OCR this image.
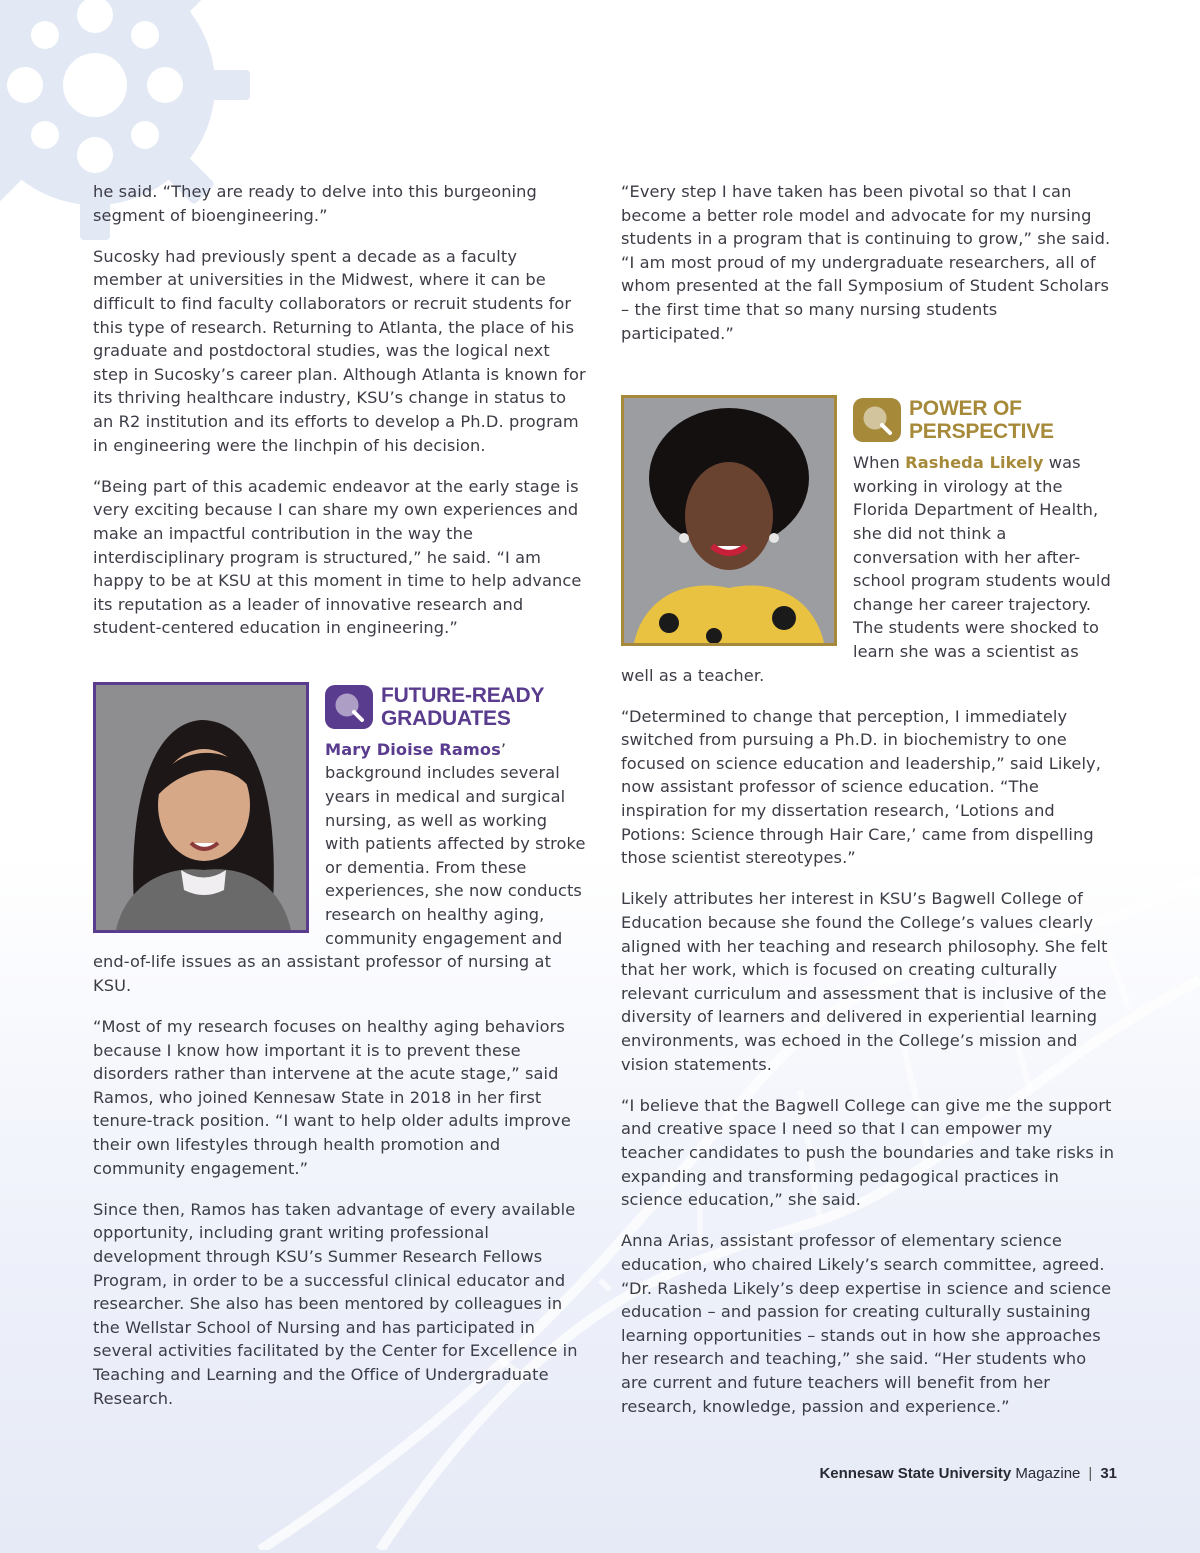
he said. “They are ready to delve into this burgeoning segment of bioengineering.”

Sucosky had previously spent a decade as a faculty member at universities in the Midwest, where it can be difficult to find faculty collaborators or recruit students for this type of research. Returning to Atlanta, the place of his graduate and postdoctoral studies, was the logical next step in Sucosky’s career plan. Although Atlanta is known for its thriving healthcare industry, KSU’s change in status to an R2 institution and its efforts to develop a Ph.D. program in engineering were the linchpin of his decision.

“Being part of this academic endeavor at the early stage is very exciting because I can share my own experiences and make an impactful contribution in the way the interdisciplinary program is structured,” he said. “I am happy to be at KSU at this moment in time to help advance its reputation as a leader of innovative research and student-centered education in engineering.”

FUTURE-READY
GRADUATES

Mary Dioise Ramos’ background includes several years in medical and surgical nursing, as well as working with patients affected by stroke or dementia. From these experiences, she now conducts research on healthy aging, community engagement and end-of-life issues as an assistant professor of nursing at KSU.

“Most of my research focuses on healthy aging behaviors because I know how important it is to prevent these disorders rather than intervene at the acute stage,” said Ramos, who joined Kennesaw State in 2018 in her first tenure-track position. “I want to help older adults improve their own lifestyles through health promotion and community engagement.”

Since then, Ramos has taken advantage of every available opportunity, including grant writing professional development through KSU’s Summer Research Fellows Program, in order to be a successful clinical educator and researcher. She also has been mentored by colleagues in the Wellstar School of Nursing and has participated in several activities facilitated by the Center for Excellence in Teaching and Learning and the Office of Undergraduate Research.

“Every step I have taken has been pivotal so that I can become a better role model and advocate for my nursing students in a program that is continuing to grow,” she said. “I am most proud of my undergraduate researchers, all of whom presented at the fall Symposium of Student Scholars – the first time that so many nursing students participated.”

POWER OF
PERSPECTIVE

When Rasheda Likely was working in virology at the Florida Department of Health, she did not think a conversation with her after-school program students would change her career trajectory. The students were shocked to learn she was a scientist as well as a teacher.

“Determined to change that perception, I immediately switched from pursuing a Ph.D. in biochemistry to one focused on science education and leadership,” said Likely, now assistant professor of science education. “The inspiration for my dissertation research, ‘Lotions and Potions: Science through Hair Care,’ came from dispelling those scientist stereotypes.”

Likely attributes her interest in KSU’s Bagwell College of Education because she found the College’s values clearly aligned with her teaching and research philosophy. She felt that her work, which is focused on creating culturally relevant curriculum and assessment that is inclusive of the diversity of learners and delivered in experiential learning environments, was echoed in the College’s mission and vision statements.

“I believe that the Bagwell College can give me the support and creative space I need so that I can empower my teacher candidates to push the boundaries and take risks in expanding and transforming pedagogical practices in science education,” she said.

Anna Arias, assistant professor of elementary science education, who chaired Likely’s search committee, agreed. “Dr. Rasheda Likely’s deep expertise in science and science education – and passion for creating culturally sustaining learning opportunities – stands out in how she approaches her research and teaching,” she said. “Her students who are current and future teachers will benefit from her research, knowledge, passion and experience.”

Kennesaw State University Magazine | 31
